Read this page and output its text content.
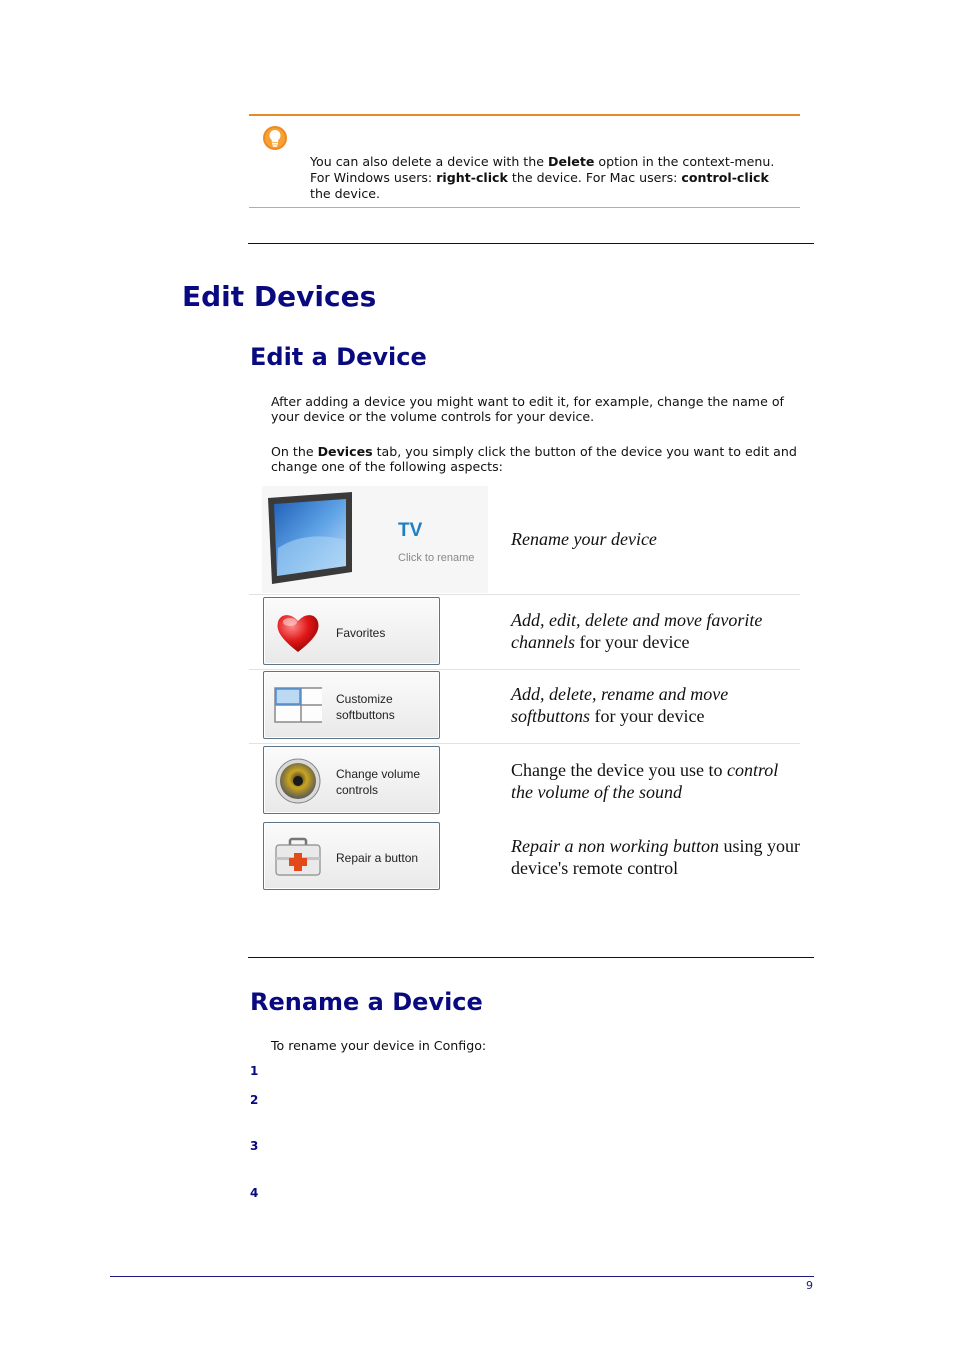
You can also delete a device with the Delete option in the context-menu.
For Windows users: right-click the device. For Mac users: control-click
the device.
Edit Devices
Edit a Device
After adding a device you might want to edit it, for example, change the name of your device or the volume controls for your device.
On the Devices tab, you simply click the button of the device you want to edit and change one of the following aspects:
TV
Click to rename
Rename your device
Favorites
Add, edit, delete and move favorite channels for your device
Customize
softbuttons
Add, delete, rename and move softbuttons for your device
Change volume
controls
Change the device you use to control the volume of the sound
Repair a button
Repair a non working button using your device's remote control
Rename a Device
To rename your device in Configo:
1
2
3
4
9
